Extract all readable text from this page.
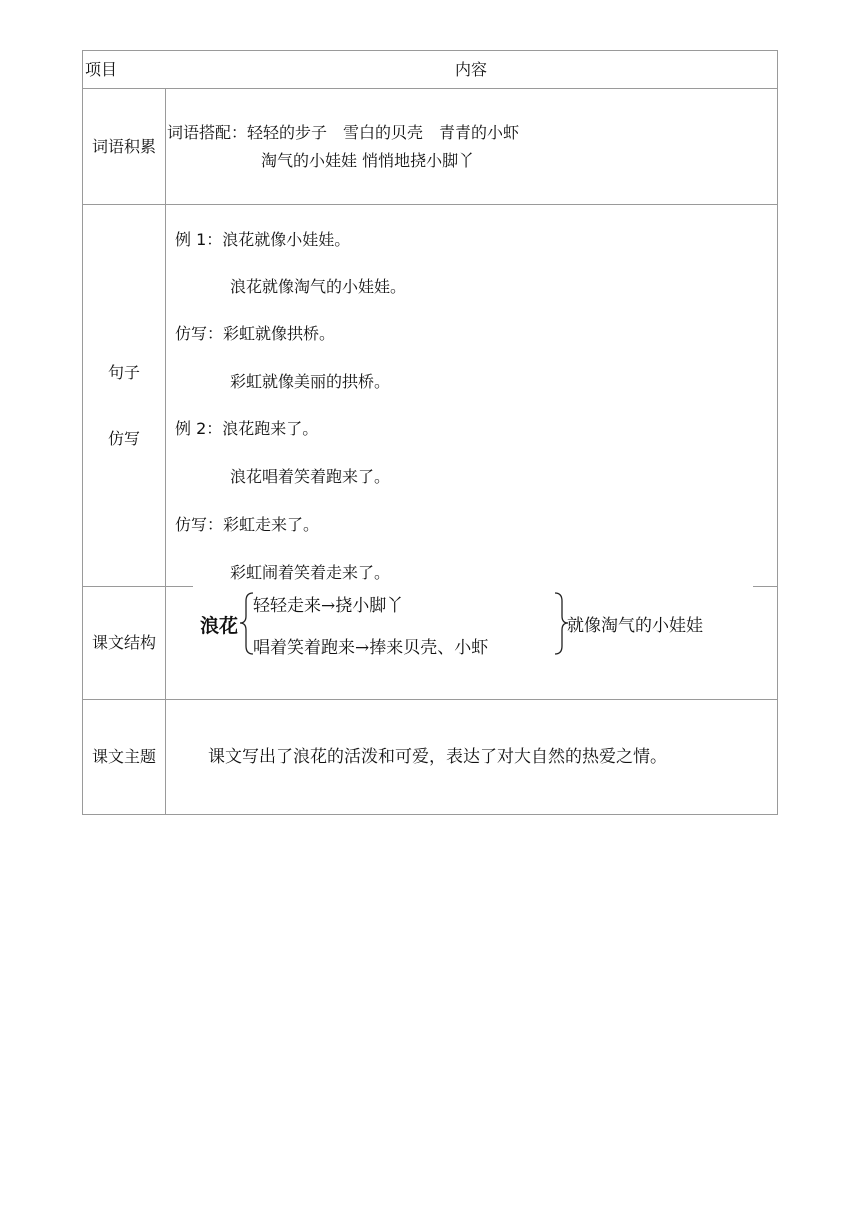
项目	内容
词语积累
词语搭配：轻轻的步子　雪白的贝壳　青青的小虾
淘气的小娃娃 悄悄地挠小脚丫
句子
仿写
例 1：浪花就像小娃娃。
浪花就像淘气的小娃娃。
仿写：彩虹就像拱桥。
彩虹就像美丽的拱桥。
例 2：浪花跑来了。
浪花唱着笑着跑来了。
仿写：彩虹走来了。
彩虹闹着笑着走来了。
课文结构
浪花
轻轻走来→挠小脚丫
唱着笑着跑来→捧来贝壳、小虾
就像淘气的小娃娃
课文主题	课文写出了浪花的活泼和可爱，表达了对大自然的热爱之情。
